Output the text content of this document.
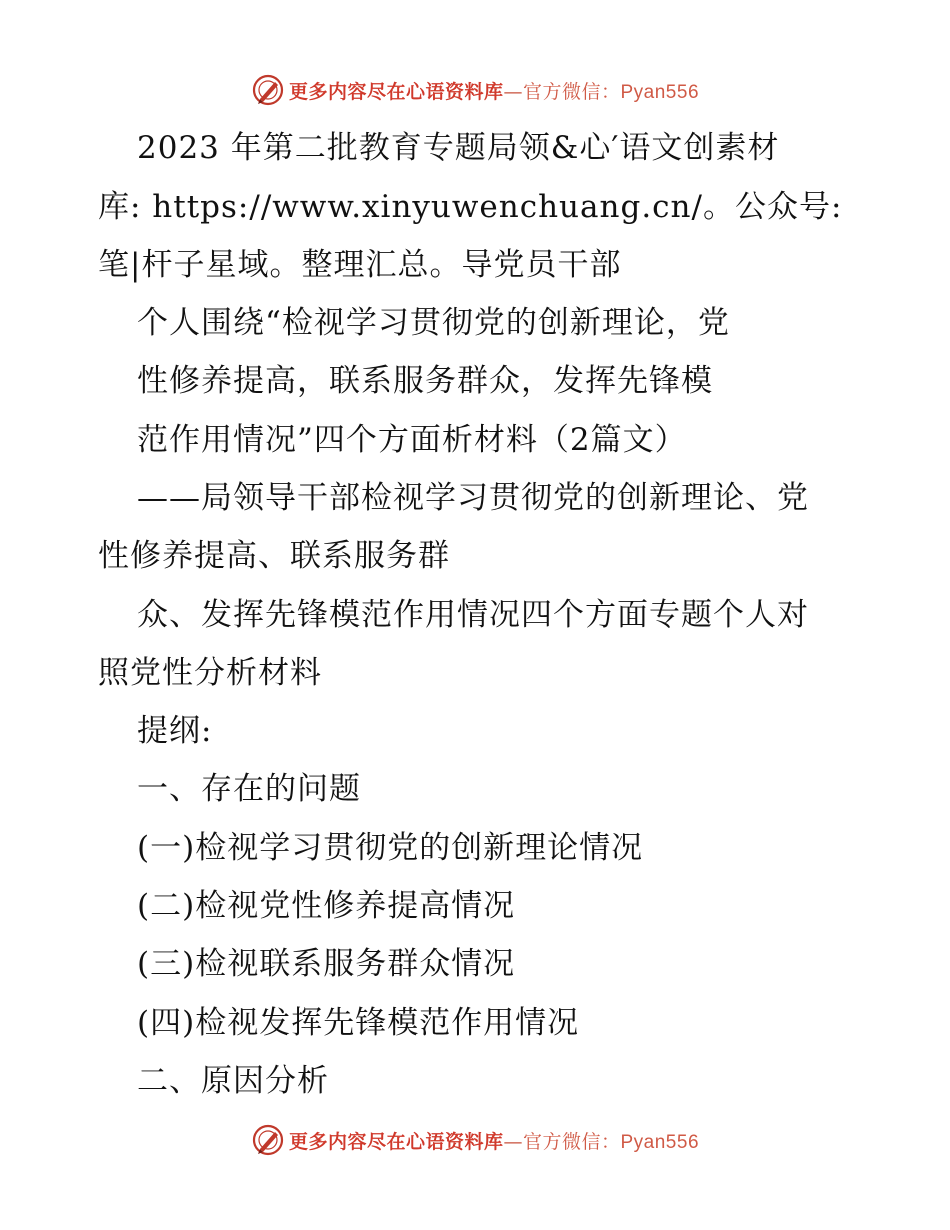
更多内容尽在心语资料库—官方微信：Pyan556
2023 年第二批教育专题局领&心′语文创素材
库: https://www.xinyuwenchuang.cn/。公众号:
笔|杆子星域。整理汇总。导党员干部
个人围绕“检视学习贯彻党的创新理论，党
性修养提高，联系服务群众，发挥先锋模
范作用情况”四个方面析材料（2篇文）
——局领导干部检视学习贯彻党的创新理论、党
性修养提高、联系服务群
众、发挥先锋模范作用情况四个方面专题个人对
照党性分析材料
提纲:
一、存在的问题
(一)检视学习贯彻党的创新理论情况
(二)检视党性修养提高情况
(三)检视联系服务群众情况
(四)检视发挥先锋模范作用情况
二、原因分析
更多内容尽在心语资料库—官方微信：Pyan556
